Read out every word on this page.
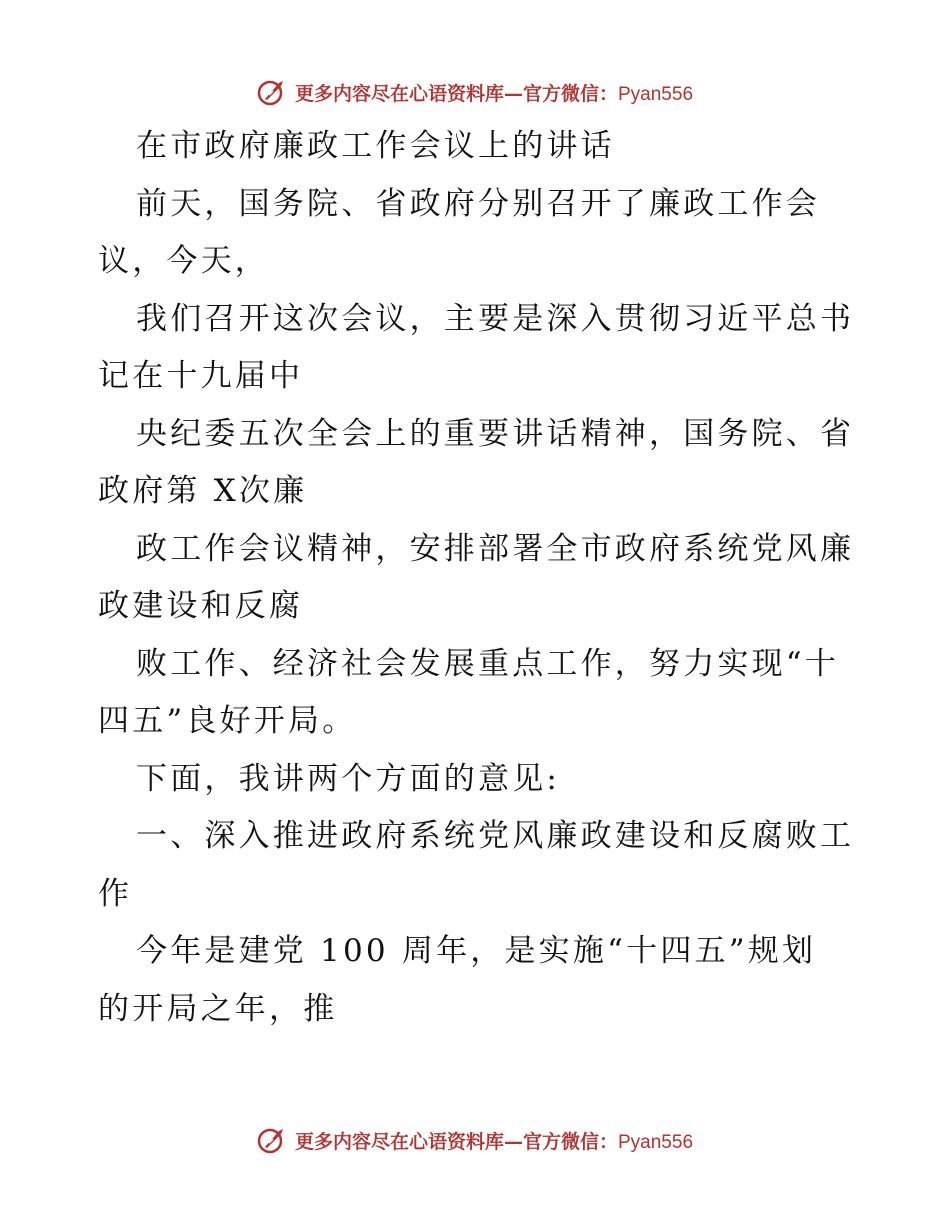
更多内容尽在心语资料库—官方微信：Pyan556
在市政府廉政工作会议上的讲话
前天，国务院、省政府分别召开了廉政工作会
议，今天，
我们召开这次会议，主要是深入贯彻习近平总书
记在十九届中
央纪委五次全会上的重要讲话精神，国务院、省
政府第 X次廉
政工作会议精神，安排部署全市政府系统党风廉
政建设和反腐
败工作、经济社会发展重点工作，努力实现“十
四五”良好开局。
下面，我讲两个方面的意见:
一、深入推进政府系统党风廉政建设和反腐败工
作
今年是建党 100 周年，是实施“十四五”规划
的开局之年，推
更多内容尽在心语资料库—官方微信：Pyan556
